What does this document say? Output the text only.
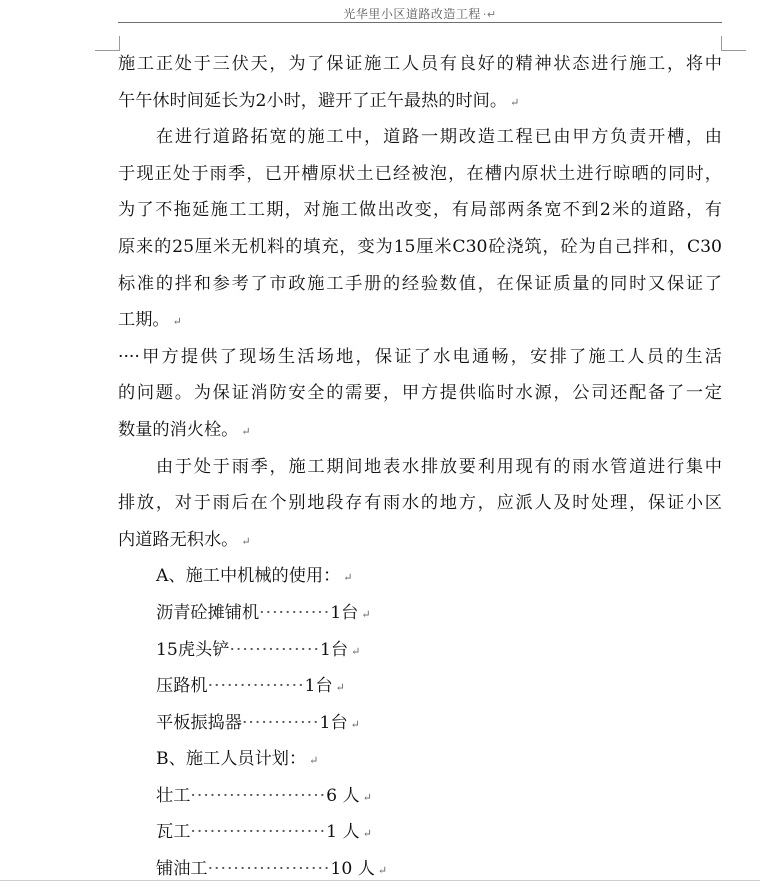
光华里小区道路改造工程 ·↵
施工正处于三伏天，为了保证施工人员有良好的精神状态进行施工，将中
午午休时间延长为2小时，避开了正午最热的时间。 ↵
在进行道路拓宽的施工中，道路一期改造工程已由甲方负责开槽，由
于现正处于雨季，已开槽原状土已经被泡，在槽内原状土进行晾晒的同时，
为了不拖延施工工期，对施工做出改变，有局部两条宽不到2米的道路，有
原来的25厘米无机料的填充，变为15厘米C30砼浇筑，砼为自己拌和，C30
标准的拌和参考了市政施工手册的经验数值，在保证质量的同时又保证了
工期。 ↵
····甲方提供了现场生活场地，保证了水电通畅，安排了施工人员的生活
的问题。为保证消防安全的需要，甲方提供临时水源，公司还配备了一定
数量的消火栓。 ↵
由于处于雨季，施工期间地表水排放要利用现有的雨水管道进行集中
排放，对于雨后在个别地段存有雨水的地方，应派人及时处理，保证小区
内道路无积水。 ↵
A、施工中机械的使用： ↵
沥青砼摊铺机···········1台 ↵
15虎头铲··············1台 ↵
压路机···············1台 ↵
平板振捣器············1台 ↵
B、施工人员计划： ↵
壮工·····················6 人 ↵
瓦工·····················1 人 ↵
铺油工···················10 人 ↵
